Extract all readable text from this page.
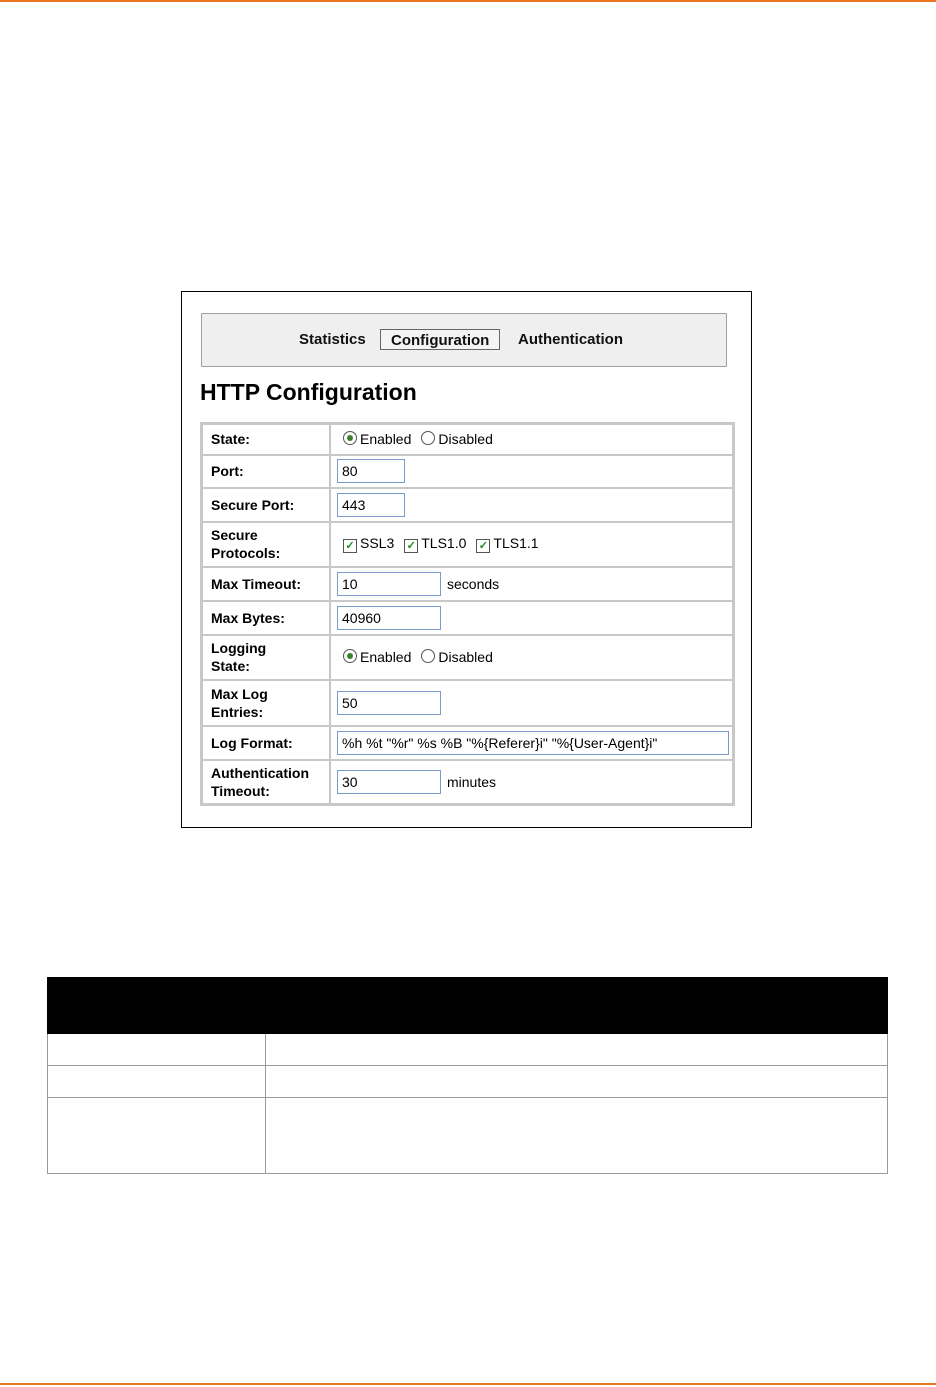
Statistics	Configuration	Authentication
HTTP Configuration
State:	Enabled Disabled
Port:	80
Secure Port:	443
Secure
Protocols:	✓ SSL3 ✓ TLS1.0 ✓ TLS1.1
Max Timeout:	10 seconds
Max Bytes:	40960
Logging
State:	Enabled Disabled
Max Log
Entries:	50
Log Format:	%h %t "%r" %s %B "%{Referer}i" "%{User-Agent}i"
Authentication
Timeout:	30 minutes
